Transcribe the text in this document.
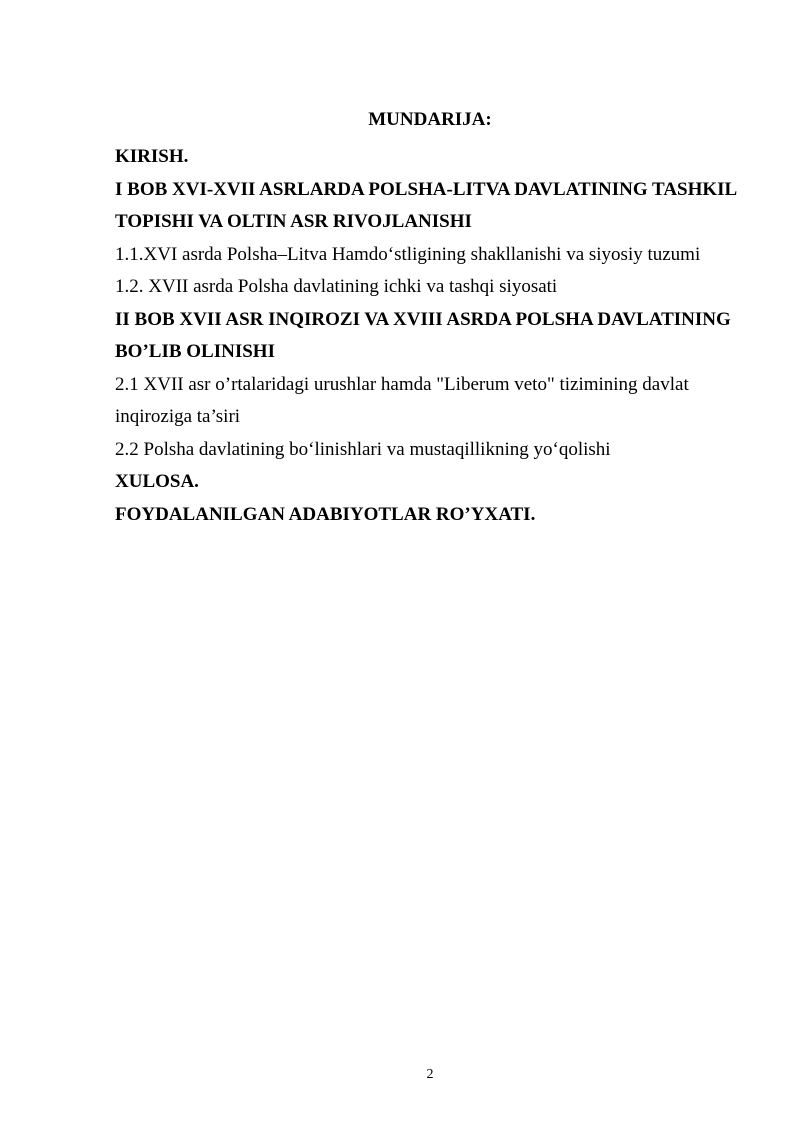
MUNDARIJA:
KIRISH.
I BOB XVI-XVII ASRLARDA POLSHA-LITVA DAVLATINING TASHKIL
TOPISHI VA OLTIN ASR RIVOJLANISHI
1.1.XVI asrda Polsha–Litva Hamdo‘stligining shakllanishi va siyosiy tuzumi
1.2. XVII asrda Polsha davlatining ichki va tashqi siyosati
II BOB XVII ASR INQIROZI VA XVIII ASRDA POLSHA DAVLATINING
BO’LIB OLINISHI
2.1 XVII asr o’rtalaridagi urushlar hamda "Liberum veto" tizimining davlat
inqiroziga ta’siri
2.2 Polsha davlatining bo‘linishlari va mustaqillikning yo‘qolishi
XULOSA.
FOYDALANILGAN ADABIYOTLAR RO’YXATI.
2
